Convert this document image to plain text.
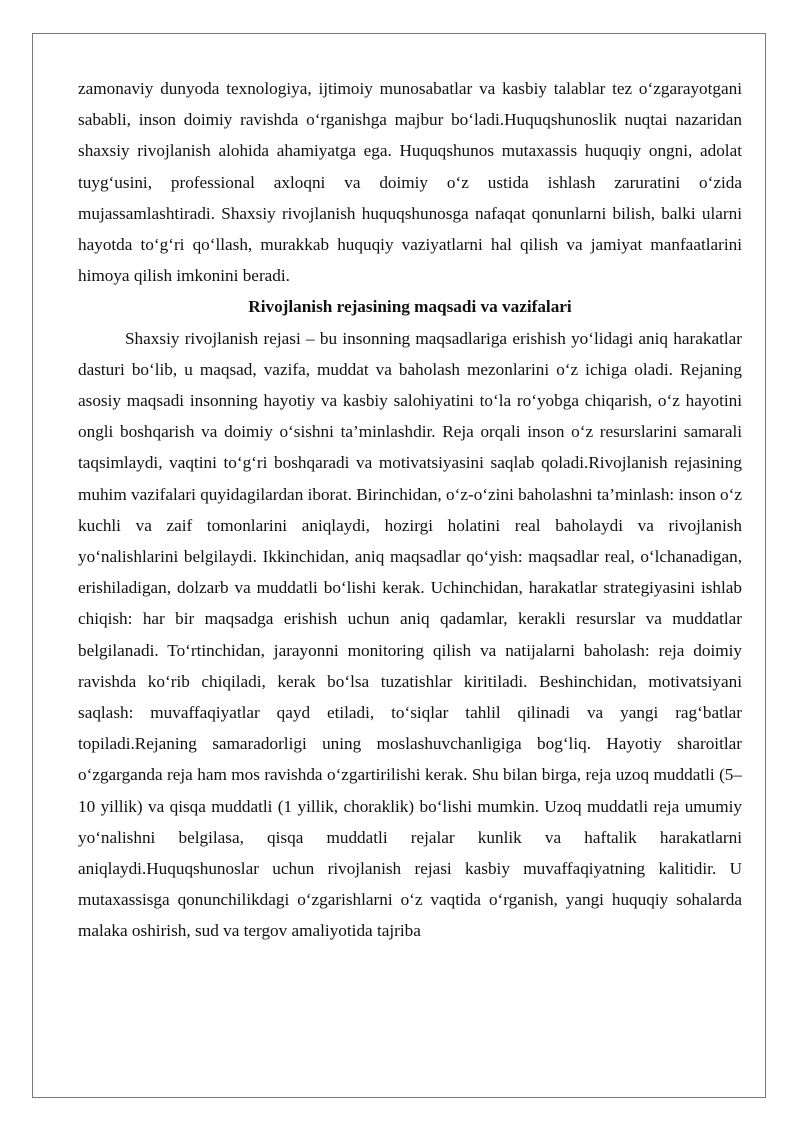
zamonaviy dunyoda texnologiya, ijtimoiy munosabatlar va kasbiy talablar tez o‘zgarayotgani sababli, inson doimiy ravishda o‘rganishga majbur bo‘ladi.Huquqshunoslik nuqtai nazaridan shaxsiy rivojlanish alohida ahamiyatga ega. Huquqshunos mutaxassis huquqiy ongni, adolat tuyg‘usini, professional axloqni va doimiy o‘z ustida ishlash zaruratini o‘zida mujassamlashtiradi. Shaxsiy rivojlanish huquqshunosga nafaqat qonunlarni bilish, balki ularni hayotda to‘g‘ri qo‘llash, murakkab huquqiy vaziyatlarni hal qilish va jamiyat manfaatlarini himoya qilish imkonini beradi.

Rivojlanish rejasining maqsadi va vazifalari

Shaxsiy rivojlanish rejasi – bu insonning maqsadlariga erishish yo‘lidagi aniq harakatlar dasturi bo‘lib, u maqsad, vazifa, muddat va baholash mezonlarini o‘z ichiga oladi. Rejaning asosiy maqsadi insonning hayotiy va kasbiy salohiyatini to‘la ro‘yobga chiqarish, o‘z hayotini ongli boshqarish va doimiy o‘sishni ta’minlashdir. Reja orqali inson o‘z resurslarini samarali taqsimlaydi, vaqtini to‘g‘ri boshqaradi va motivatsiyasini saqlab qoladi.Rivojlanish rejasining muhim vazifalari quyidagilardan iborat. Birinchidan, o‘z-o‘zini baholashni ta’minlash: inson o‘z kuchli va zaif tomonlarini aniqlaydi, hozirgi holatini real baholaydi va rivojlanish yo‘nalishlarini belgilaydi. Ikkinchidan, aniq maqsadlar qo‘yish: maqsadlar real, o‘lchanadigan, erishiladigan, dolzarb va muddatli bo‘lishi kerak. Uchinchidan, harakatlar strategiyasini ishlab chiqish: har bir maqsadga erishish uchun aniq qadamlar, kerakli resurslar va muddatlar belgilanadi. To‘rtinchidan, jarayonni monitoring qilish va natijalarni baholash: reja doimiy ravishda ko‘rib chiqiladi, kerak bo‘lsa tuzatishlar kiritiladi. Beshinchidan, motivatsiyani saqlash: muvaffaqiyatlar qayd etiladi, to‘siqlar tahlil qilinadi va yangi rag‘batlar topiladi.Rejaning samaradorligi uning moslashuvchanligiga bog‘liq. Hayotiy sharoitlar o‘zgarganda reja ham mos ravishda o‘zgartirilishi kerak. Shu bilan birga, reja uzoq muddatli (5–10 yillik) va qisqa muddatli (1 yillik, choraklik) bo‘lishi mumkin. Uzoq muddatli reja umumiy yo‘nalishni belgilasa, qisqa muddatli rejalar kunlik va haftalik harakatlarni aniqlaydi.Huquqshunoslar uchun rivojlanish rejasi kasbiy muvaffaqiyatning kalitidir. U mutaxassisga qonunchilikdagi o‘zgarishlarni o‘z vaqtida o‘rganish, yangi huquqiy sohalarda malaka oshirish, sud va tergov amaliyotida tajriba
